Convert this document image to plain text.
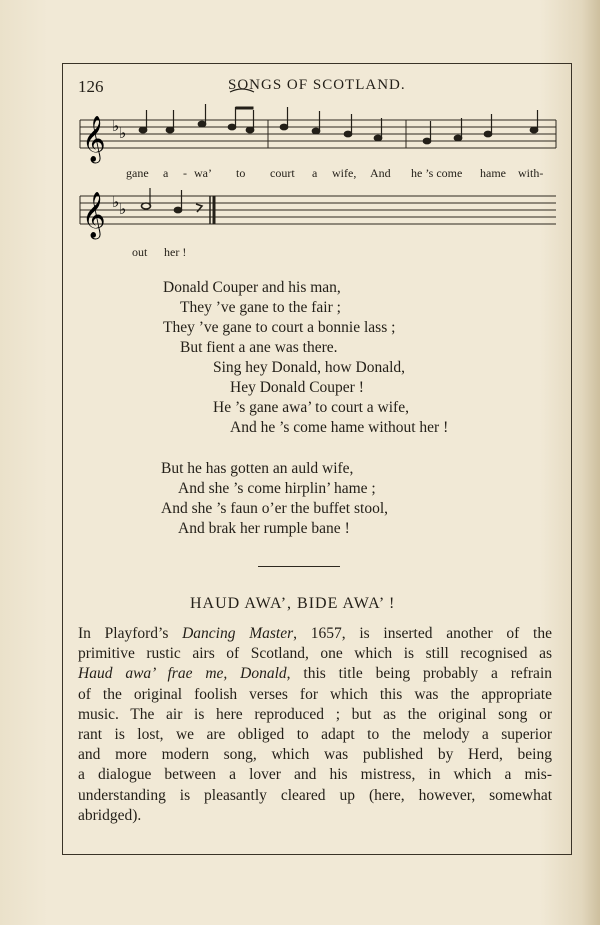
126	SONGS OF SCOTLAND.
𝄞 ♭ ♭
𝄞 ♭ ♭
gane a - wa’ to court a wife, And he ’s come hame with-
out her !
Donald Couper and his man,
They ’ve gane to the fair ;
They ’ve gane to court a bonnie lass ;
But fient a ane was there.
Sing hey Donald, how Donald,
Hey Donald Couper !
He ’s gane awa’ to court a wife,
And he ’s come hame without her !
But he has gotten an auld wife,
And she ’s come hirplin’ hame ;
And she ’s faun o’er the buffet stool,
And brak her rumple bane !
HAUD AWA’, BIDE AWA’ !
In Playford’s Dancing Master, 1657, is inserted another of the
primitive rustic airs of Scotland, one which is still recognised as
Haud awa’ frae me, Donald, this title being probably a refrain
of the original foolish verses for which this was the appropriate
music. The air is here reproduced ; but as the original song or
rant is lost, we are obliged to adapt to the melody a superior
and more modern song, which was published by Herd, being
a dialogue between a lover and his mistress, in which a mis-
understanding is pleasantly cleared up (here, however, somewhat
abridged).
